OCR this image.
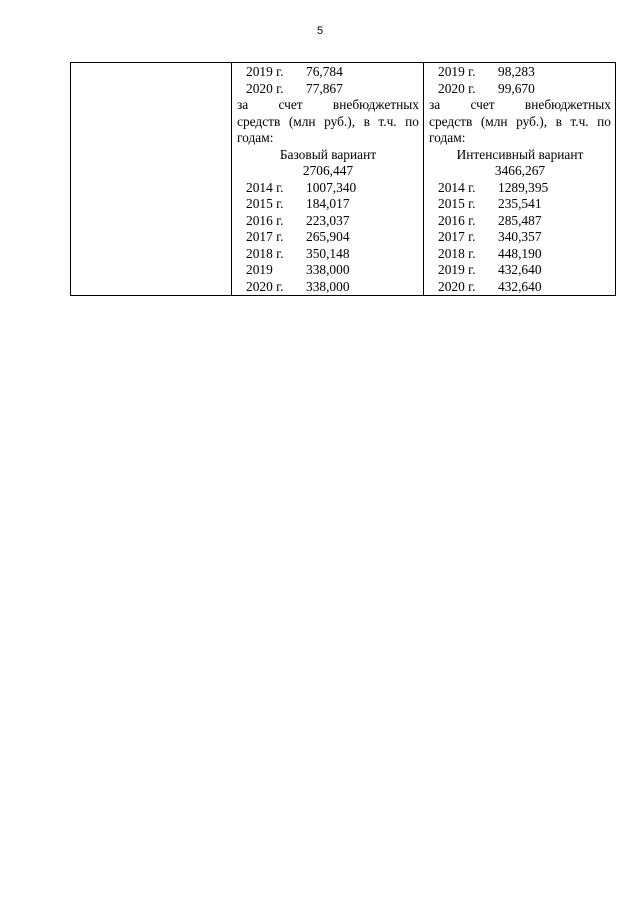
5

2019 г.	76,784
2020 г.	77,867
за счет внебюджетных
средств (млн руб.), в т.ч. по
годам:
Базовый вариант
2706,447
2014 г.	1007,340
2015 г.	184,017
2016 г.	223,037
2017 г.	265,904
2018 г.	350,148
2019	338,000
2020 г.	338,000

2019 г.	98,283
2020 г.	99,670
за счет внебюджетных
средств (млн руб.), в т.ч. по
годам:
Интенсивный вариант
3466,267
2014 г.	1289,395
2015 г.	235,541
2016 г.	285,487
2017 г.	340,357
2018 г.	448,190
2019 г.	432,640
2020 г.	432,640
